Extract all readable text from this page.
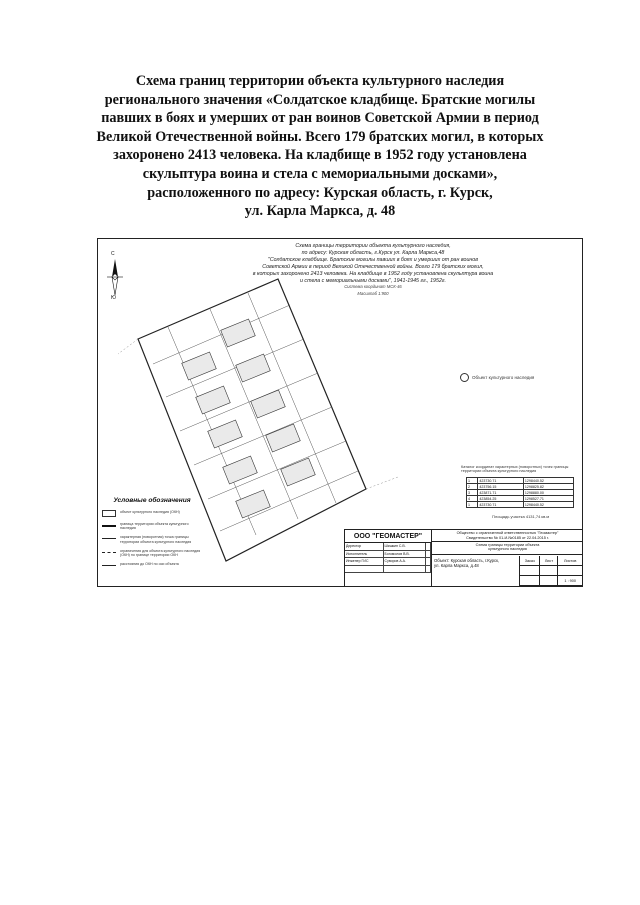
Схема границ территории объекта культурного наследия
регионального значения «Солдатское кладбище. Братские могилы
павших в боях и умерших от ран воинов Советской Армии в период
Великой Отечественной войны. Всего 179 братских могил, в которых
захоронено 2413 человека. На кладбище в 1952 году установлена
скульптура воина и стела с мемориальными досками»,
расположенного по адресу: Курская область, г. Курск,
ул. Карла Маркса, д. 48
С
Ю
Схема границы территории объекта культурного наследия,
по адресу: Курская область, г.Курск ул. Карла Маркса,48
"Солдатское кладбище. Братские могилы павших в боях и умерших от ран воинов
Советской Армии в период Великой Отечественной войны. Всего 179 братских могил,
в которых захоронено 2413 человека. На кладбище в 1952 году установлена скульптура воина
и стела с мемориальными досками", 1941-1945 гг., 1952г.
Система координат МСК-46
Масштаб 1:900
Объект культурного наследия
Каталог координат характерных (поворотных) точек границы территории объекта культурного наследия
1	423730.71	1298440.52
2	423756.15	1298825.82
3	423871.71	1298880.00
4	423854.25	1298527.71
1	423730.71	1298440.52
Площадь участка 4131,74 кв.м
Условные обозначения
объект культурного наследия (ОКН)
граница территории объекта культурного наследия
характерная (поворотная) точка границы территории объекта культурного наследия
ограничения для объекта культурного наследия (ОКН) по границе территории ОКН
расстояния до ОКН по оси объекта
ООО "ГЕОМАСТЕР"
Директор	Шишкин С.В.	
Исполнитель	Богомолов В.В.	
Инженер ГИС	Суворов А.А.	

Общество с ограниченной ответственностью "Геомастер"
Свидетельство № 01-И-№0185 от 22.04.2015 г.
Схема границы территории объекта
культурного наследия
Объект: Курская область, г.Курск,
ул. Карла Маркса, д.48
Заказ	Лист	Листов

		1 : 900
